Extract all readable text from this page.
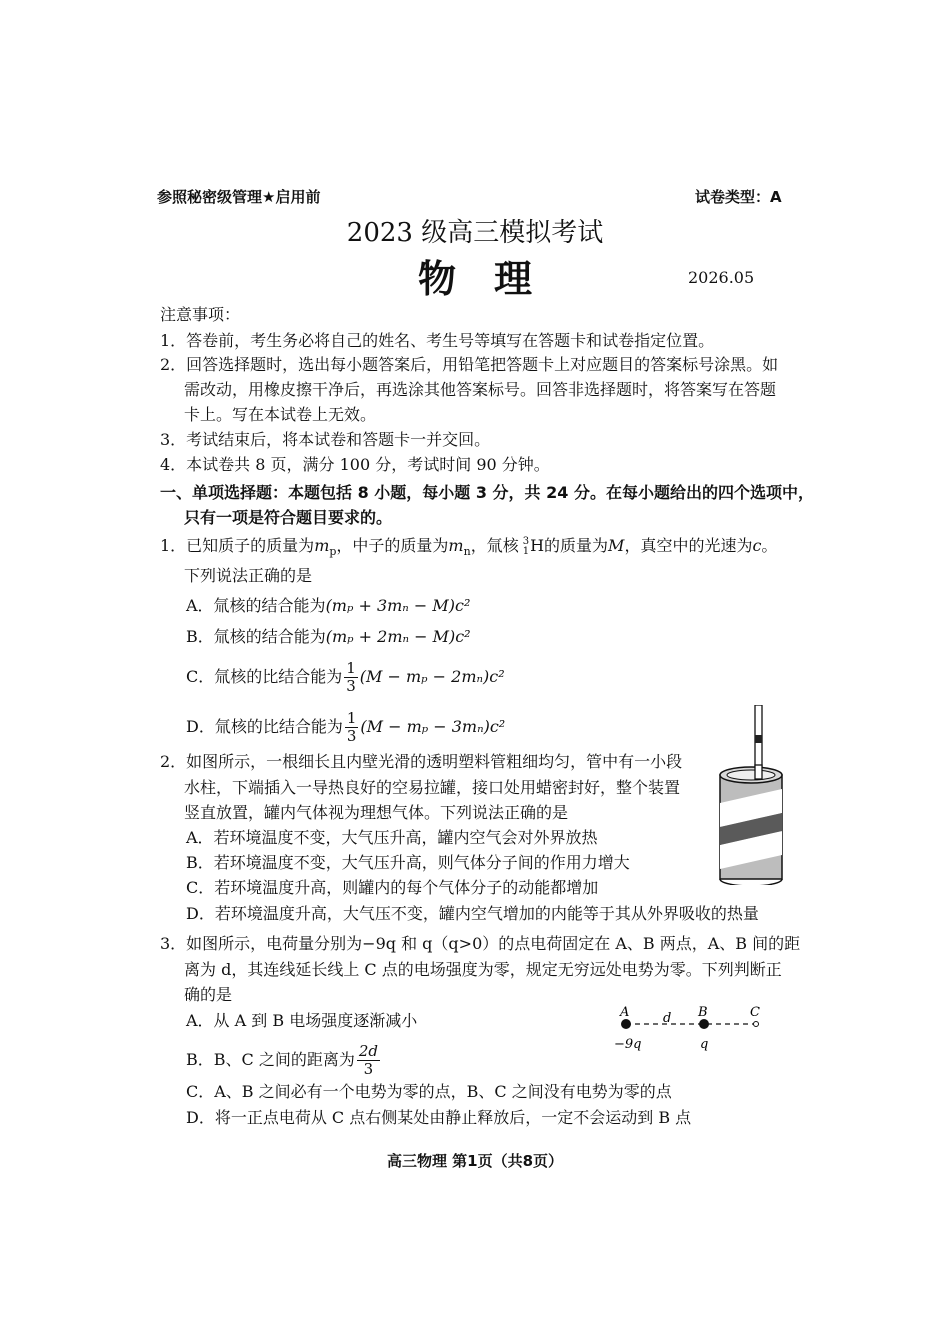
参照秘密级管理★启用前	试卷类型：A
2023 级高三模拟考试
物　理	2026.05
注意事项：
1．答卷前，考生务必将自己的姓名、考生号等填写在答题卡和试卷指定位置。
2．回答选择题时，选出每小题答案后，用铅笔把答题卡上对应题目的答案标号涂黑。如
需改动，用橡皮擦干净后，再选涂其他答案标号。回答非选择题时，将答案写在答题
卡上。写在本试卷上无效。
3．考试结束后，将本试卷和答题卡一并交回。
4．本试卷共 8 页，满分 100 分，考试时间 90 分钟。
一、单项选择题：本题包括 8 小题，每小题 3 分，共 24 分。在每小题给出的四个选项中，
只有一项是符合题目要求的。
1．已知质子的质量为$m_p$，中子的质量为$m_n$，氚核 3
1 H的质量为M，真空中的光速为c。
下列说法正确的是
A．氚核的结合能为(mₚ + 3mₙ − M)c²
B．氚核的结合能为(mₚ + 2mₙ − M)c²
C．氚核的比结合能为 $\frac{1}{3} (M - m_p - 2m_n)c^2$
D．氚核的比结合能为 $\frac{1}{3} (M - m_p - 3m_n)c^2$
2．如图所示，一根细长且内壁光滑的透明塑料管粗细均匀，管中有一小段
水柱，下端插入一导热良好的空易拉罐，接口处用蜡密封好，整个装置
竖直放置，罐内气体视为理想气体。下列说法正确的是
A．若环境温度不变，大气压升高，罐内空气会对外界放热
B．若环境温度不变，大气压升高，则气体分子间的作用力增大
C．若环境温度升高，则罐内的每个气体分子的动能都增加
D．若环境温度升高，大气压不变，罐内空气增加的内能等于其从外界吸收的热量
3．如图所示，电荷量分别为−9q 和 q（q>0）的点电荷固定在 A、B 两点，A、B 间的距
离为 d，其连线延长线上 C 点的电场强度为零，规定无穷远处电势为零。下列判断正
确的是
A．从 A 到 B 电场强度逐渐减小
B．B、C 之间的距离为 $\frac{2d}{3}$
C．A、B 之间必有一个电势为零的点，B、C 之间没有电势为零的点
D．将一正点电荷从 C 点右侧某处由静止释放后，一定不会运动到 B 点
A	d B	C
−9q	q
高三物理 第1页（共8页）
